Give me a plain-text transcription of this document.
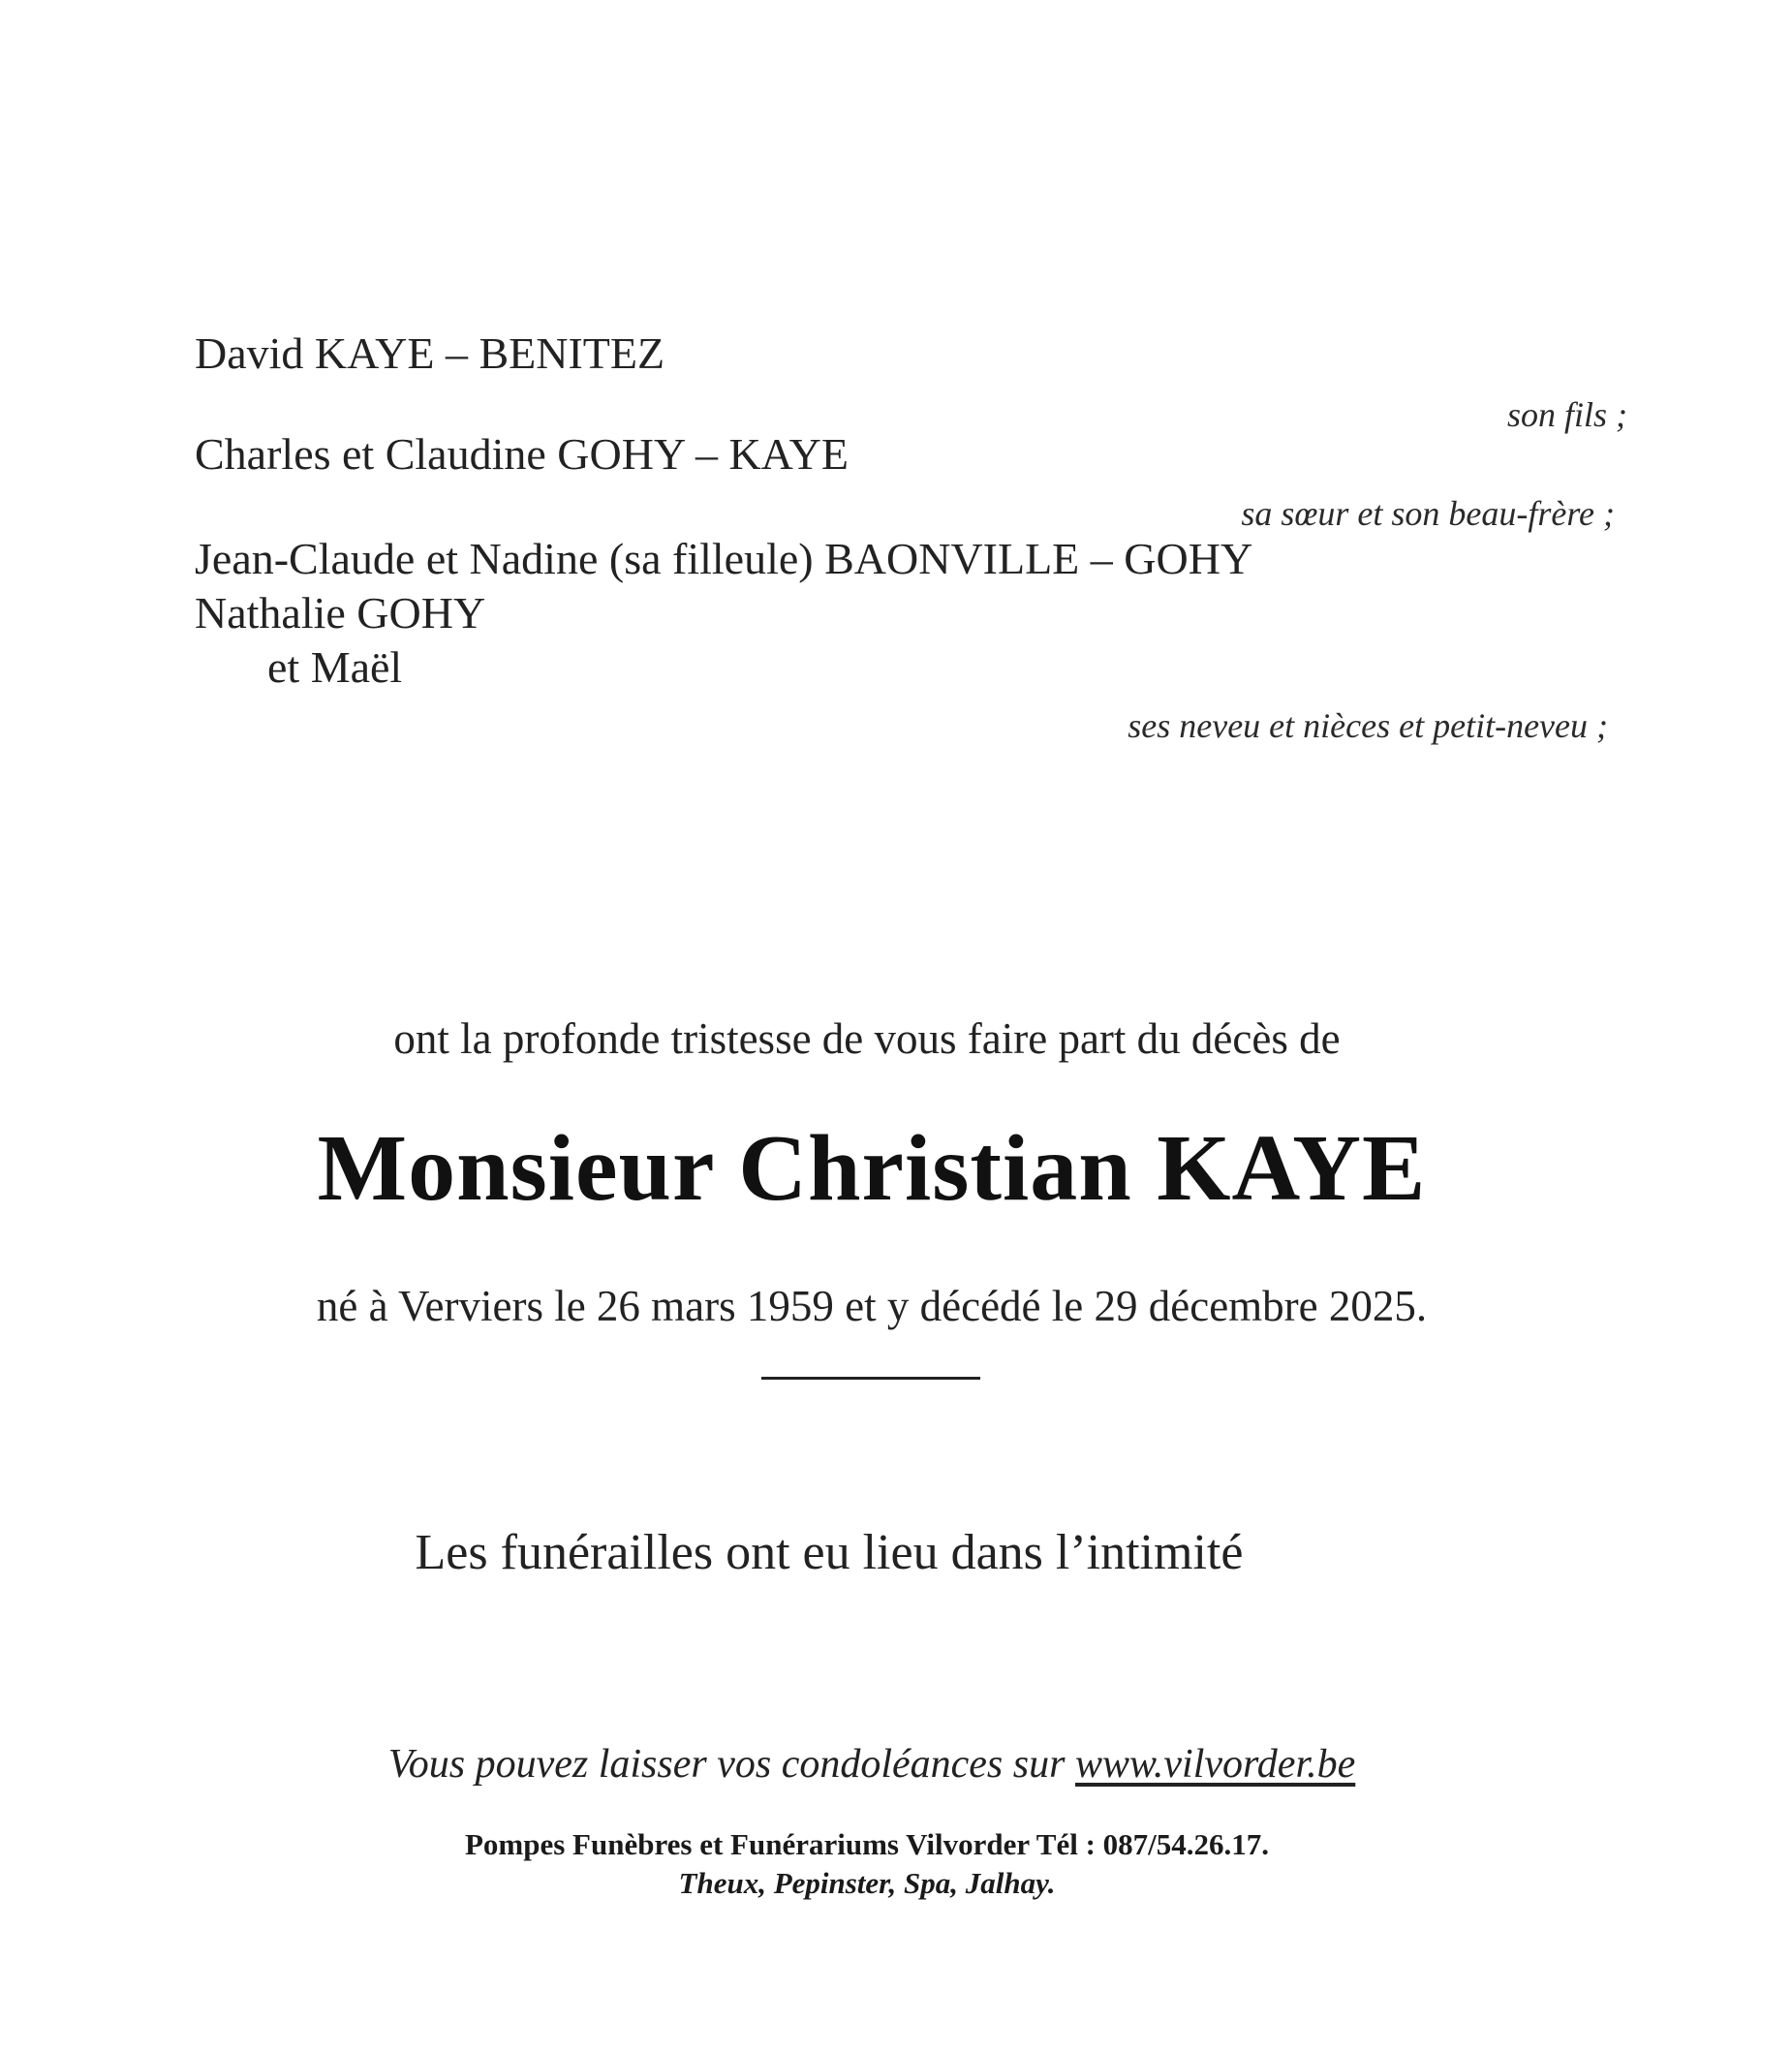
David KAYE – BENITEZ
son fils ;
Charles et Claudine GOHY – KAYE
sa sœur et son beau-frère ;
Jean-Claude et Nadine (sa filleule) BAONVILLE – GOHY
Nathalie GOHY
et Maël
ses neveu et nièces et petit-neveu ;
ont la profonde tristesse de vous faire part du décès de
Monsieur Christian KAYE
né à Verviers le 26 mars 1959 et y décédé le 29 décembre 2025.
Les funérailles ont eu lieu dans l’intimité
Vous pouvez laisser vos condoléances sur www.vilvorder.be
Pompes Funèbres et Funérariums Vilvorder Tél : 087/54.26.17.
Theux, Pepinster, Spa, Jalhay.
